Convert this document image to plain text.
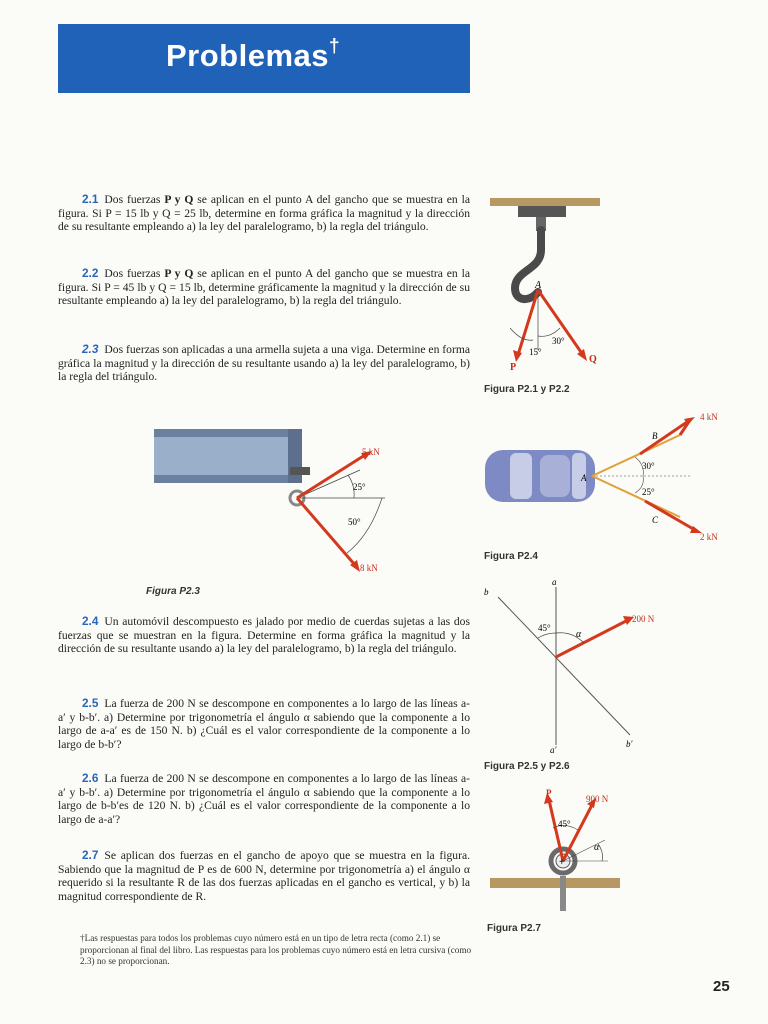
Problemas†
2.1 Dos fuerzas P y Q se aplican en el punto A del gancho que se muestra en la figura. Si P = 15 lb y Q = 25 lb, determine en forma gráfica la magnitud y la dirección de su resultante empleando a) la ley del paralelogramo, b) la regla del triángulo.
2.2 Dos fuerzas P y Q se aplican en el punto A del gancho que se muestra en la figura. Si P = 45 lb y Q = 15 lb, determine gráficamente la magnitud y la dirección de su resultante empleando a) la ley del paralelogramo, b) la regla del triángulo.
2.3 Dos fuerzas son aplicadas a una armella sujeta a una viga. Determine en forma gráfica la magnitud y la dirección de su resultante usando a) la ley del paralelogramo, b) la regla del triángulo.
2.4 Un automóvil descompuesto es jalado por medio de cuerdas sujetas a las dos fuerzas que se muestran en la figura. Determine en forma gráfica la magnitud y la dirección de su resultante usando a) la ley del paralelogramo, b) la regla del triángulo.
2.5 La fuerza de 200 N se descompone en componentes a lo largo de las líneas a-a′ y b-b′. a) Determine por trigonometría el ángulo α sabiendo que la componente a lo largo de a-a′ es de 150 N. b) ¿Cuál es el valor correspondiente de la componente a lo largo de b-b′?
2.6 La fuerza de 200 N se descompone en componentes a lo largo de las líneas a-a′ y b-b′. a) Determine por trigonometría el ángulo α sabiendo que la componente a lo largo de b-b′es de 120 N. b) ¿Cuál es el valor correspondiente de la componente a lo largo de a-a′?
2.7 Se aplican dos fuerzas en el gancho de apoyo que se muestra en la figura. Sabiendo que la magnitud de P es de 600 N, determine por trigonometría a) el ángulo α requerido si la resultante R de las dos fuerzas aplicadas en el gancho es vertical, y b) la magnitud correspondiente de R.
A
P
Q
15°
30°
Figura P2.1 y P2.2
5 kN
25°
50°
8 kN
Figura P2.3
B
C
A
4 kN
2 kN
30°
25°
Figura P2.4
a
a′
b
b′
200 N
45°
α
Figura P2.5 y P2.6
P
900 N
45°
α
+
Figura P2.7
†Las respuestas para todos los problemas cuyo número está en un tipo de letra recta (como 2.1) se proporcionan al final del libro. Las respuestas para los problemas cuyo número está en letra cursiva (como 2.3) no se proporcionan.
25
